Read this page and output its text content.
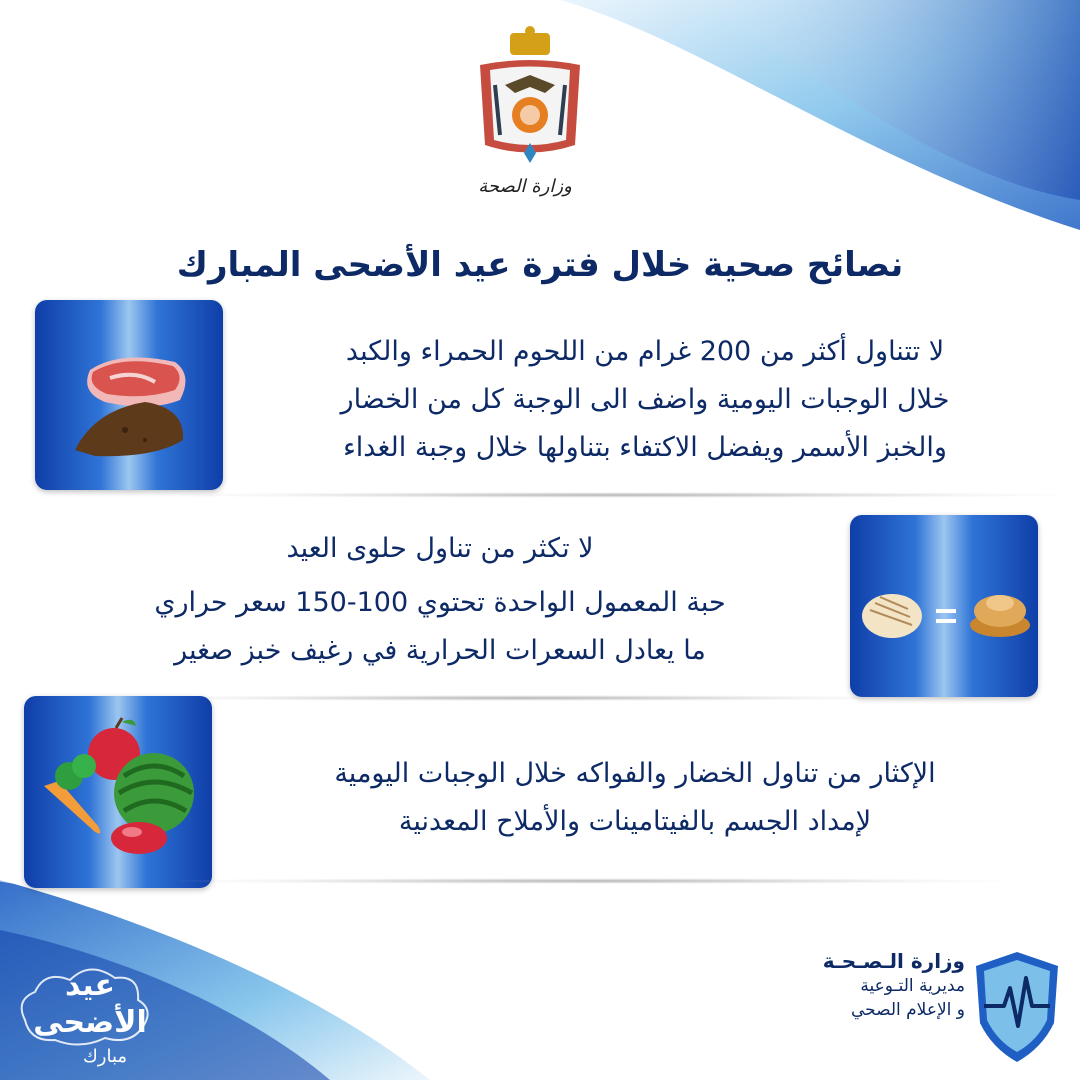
وزارة الصحة
نصائح صحية خلال فترة عيد الأضحى المبارك

لا تتناول أكثر من 200 غرام من اللحوم الحمراء والكبد

خلال الوجبات اليومية واضف الى الوجبة كل من الخضار

والخبز الأسمر ويفضل الاكتفاء بتناولها خلال وجبة الغداء

لا تكثر من تناول حلوى العيد

حبة المعمول الواحدة تحتوي 100-150 سعر حراري

ما يعادل السعرات الحرارية في رغيف خبز صغير

=

الإكثار من تناول الخضار والفواكه خلال الوجبات اليومية

لإمداد الجسم بالفيتامينات والأملاح المعدنية

عيد
الأضحى
مبارك
وزارة الـصـحـة
مديرية التـوعية
و الإعلام الصحي
